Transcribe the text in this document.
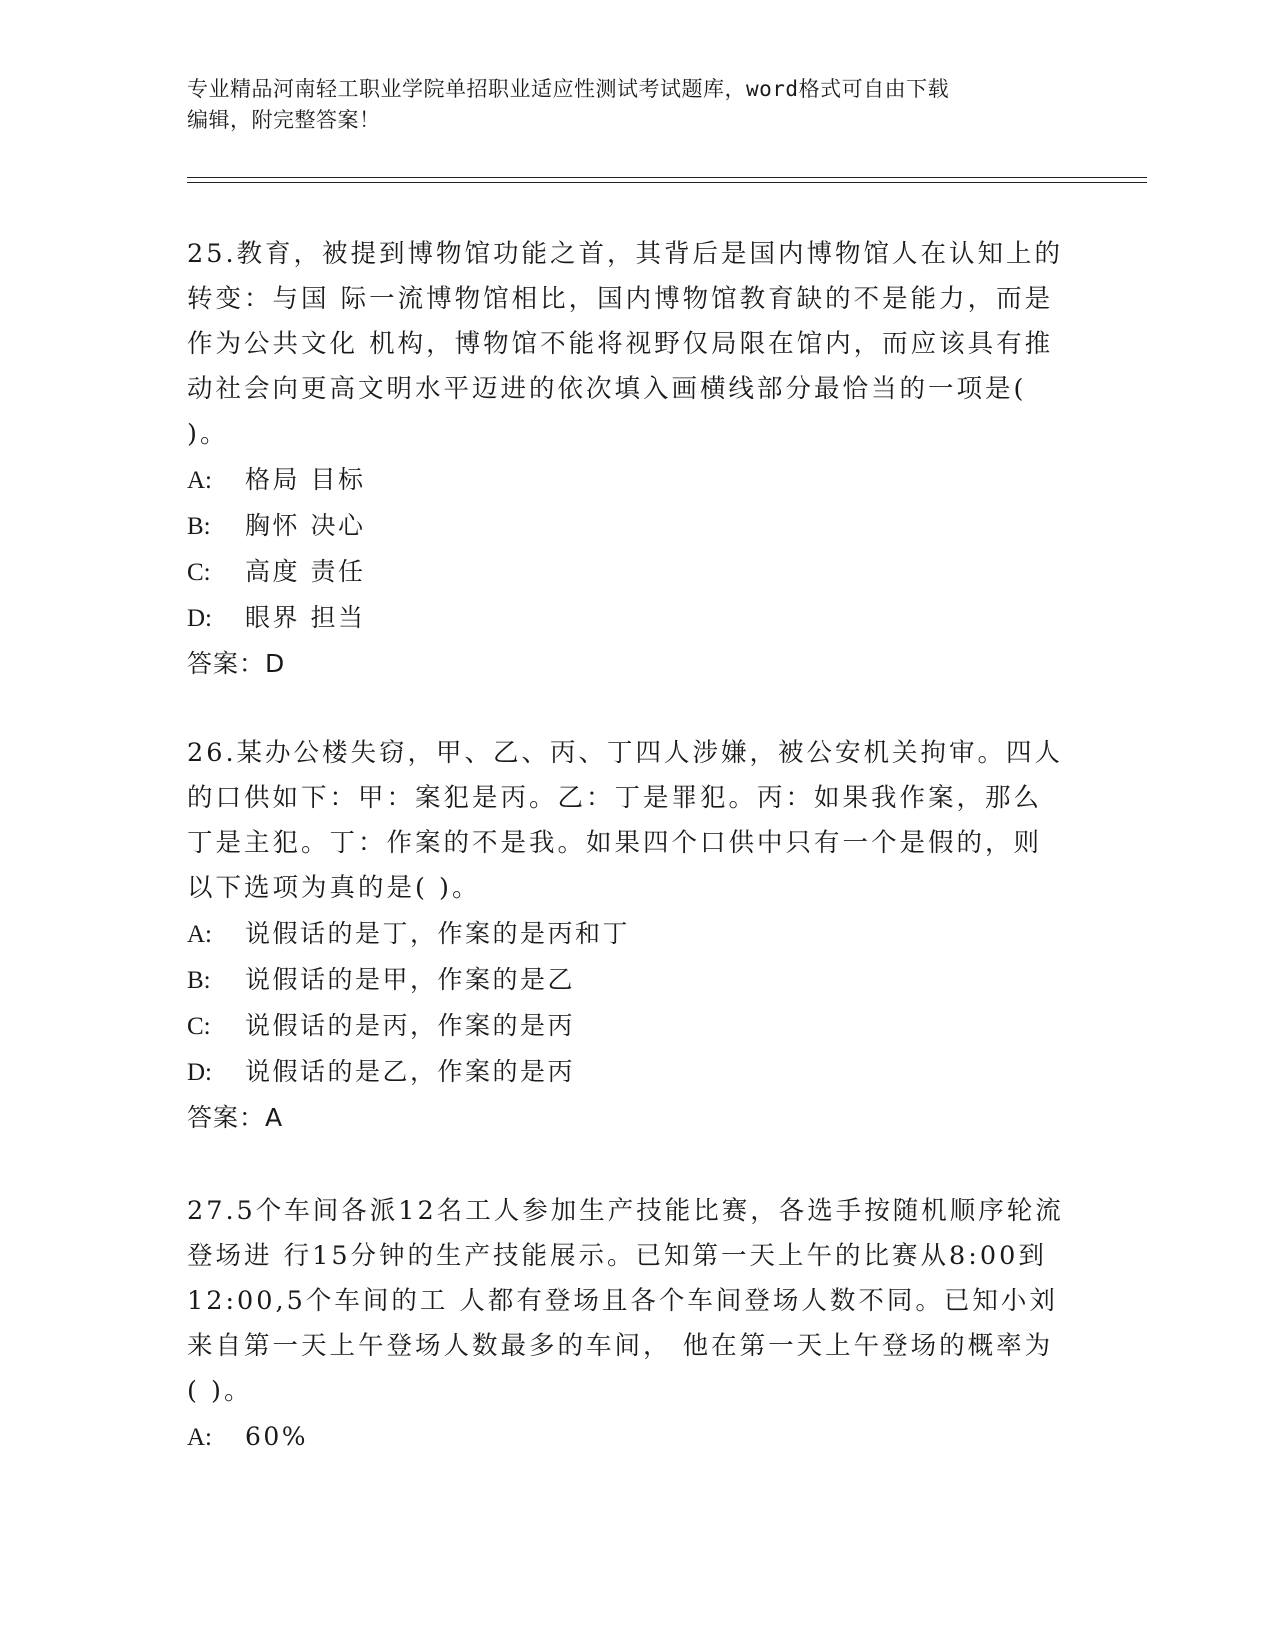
专业精品河南轻工职业学院单招职业适应性测试考试题库，word格式可自由下载

编辑，附完整答案！

25.教育，被提到博物馆功能之首，其背后是国内博物馆人在认知上的

转变：与国 际一流博物馆相比，国内博物馆教育缺的不是能力，而是

作为公共文化 机构，博物馆不能将视野仅局限在馆内，而应该具有推

动社会向更高文明水平迈进的依次填入画横线部分最恰当的一项是(

)。

A: 格局 目标
B: 胸怀 决心
C: 高度 责任
D: 眼界 担当
答案：D

26.某办公楼失窃，甲、乙、丙、丁四人涉嫌，被公安机关拘审。四人

的口供如下：甲：案犯是丙。乙：丁是罪犯。丙：如果我作案，那么

丁是主犯。丁：作案的不是我。如果四个口供中只有一个是假的，则

以下选项为真的是( )。

A: 说假话的是丁，作案的是丙和丁
B: 说假话的是甲，作案的是乙
C: 说假话的是丙，作案的是丙
D: 说假话的是乙，作案的是丙
答案：A

27.5个车间各派12名工人参加生产技能比赛，各选手按随机顺序轮流

登场进 行15分钟的生产技能展示。已知第一天上午的比赛从8:00到

12:00,5个车间的工 人都有登场且各个车间登场人数不同。已知小刘

来自第一天上午登场人数最多的车间， 他在第一天上午登场的概率为

( )。

A: 60%
